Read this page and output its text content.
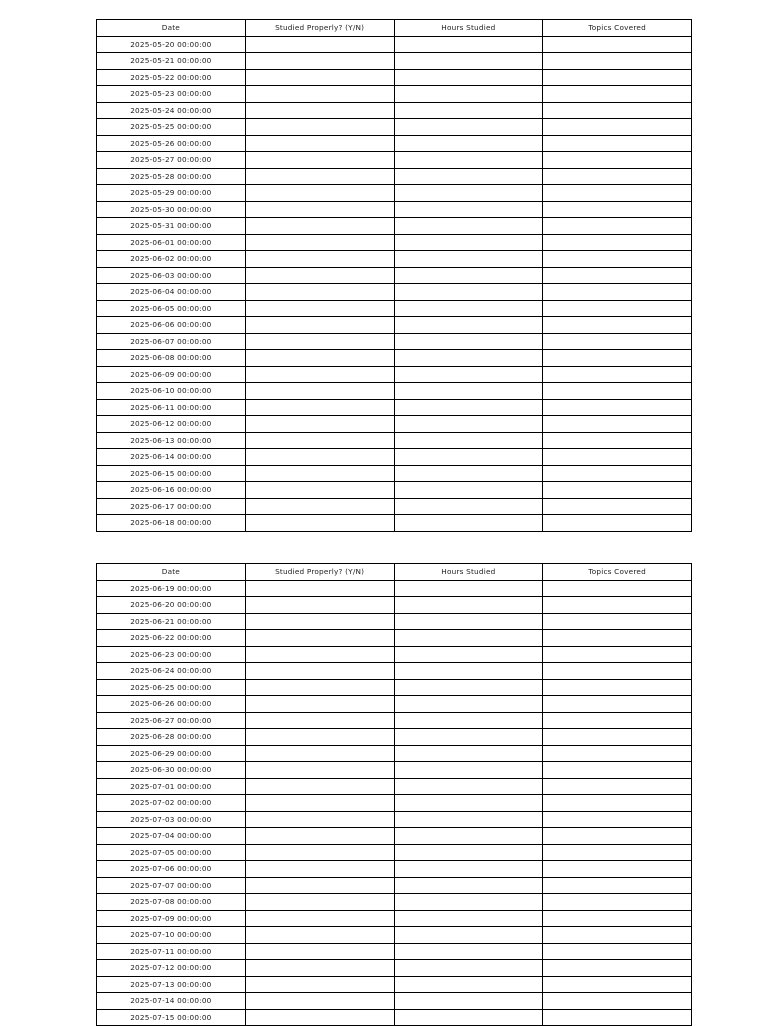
Date	Studied Properly? (Y/N)	Hours Studied	Topics Covered
2025-05-20 00:00:00			
2025-05-21 00:00:00			
2025-05-22 00:00:00			
2025-05-23 00:00:00			
2025-05-24 00:00:00			
2025-05-25 00:00:00			
2025-05-26 00:00:00			
2025-05-27 00:00:00			
2025-05-28 00:00:00			
2025-05-29 00:00:00			
2025-05-30 00:00:00			
2025-05-31 00:00:00			
2025-06-01 00:00:00			
2025-06-02 00:00:00			
2025-06-03 00:00:00			
2025-06-04 00:00:00			
2025-06-05 00:00:00			
2025-06-06 00:00:00			
2025-06-07 00:00:00			
2025-06-08 00:00:00			
2025-06-09 00:00:00			
2025-06-10 00:00:00			
2025-06-11 00:00:00			
2025-06-12 00:00:00			
2025-06-13 00:00:00			
2025-06-14 00:00:00			
2025-06-15 00:00:00			
2025-06-16 00:00:00			
2025-06-17 00:00:00			
2025-06-18 00:00:00			
Date	Studied Properly? (Y/N)	Hours Studied	Topics Covered
2025-06-19 00:00:00			
2025-06-20 00:00:00			
2025-06-21 00:00:00			
2025-06-22 00:00:00			
2025-06-23 00:00:00			
2025-06-24 00:00:00			
2025-06-25 00:00:00			
2025-06-26 00:00:00			
2025-06-27 00:00:00			
2025-06-28 00:00:00			
2025-06-29 00:00:00			
2025-06-30 00:00:00			
2025-07-01 00:00:00			
2025-07-02 00:00:00			
2025-07-03 00:00:00			
2025-07-04 00:00:00			
2025-07-05 00:00:00			
2025-07-06 00:00:00			
2025-07-07 00:00:00			
2025-07-08 00:00:00			
2025-07-09 00:00:00			
2025-07-10 00:00:00			
2025-07-11 00:00:00			
2025-07-12 00:00:00			
2025-07-13 00:00:00			
2025-07-14 00:00:00			
2025-07-15 00:00:00			
